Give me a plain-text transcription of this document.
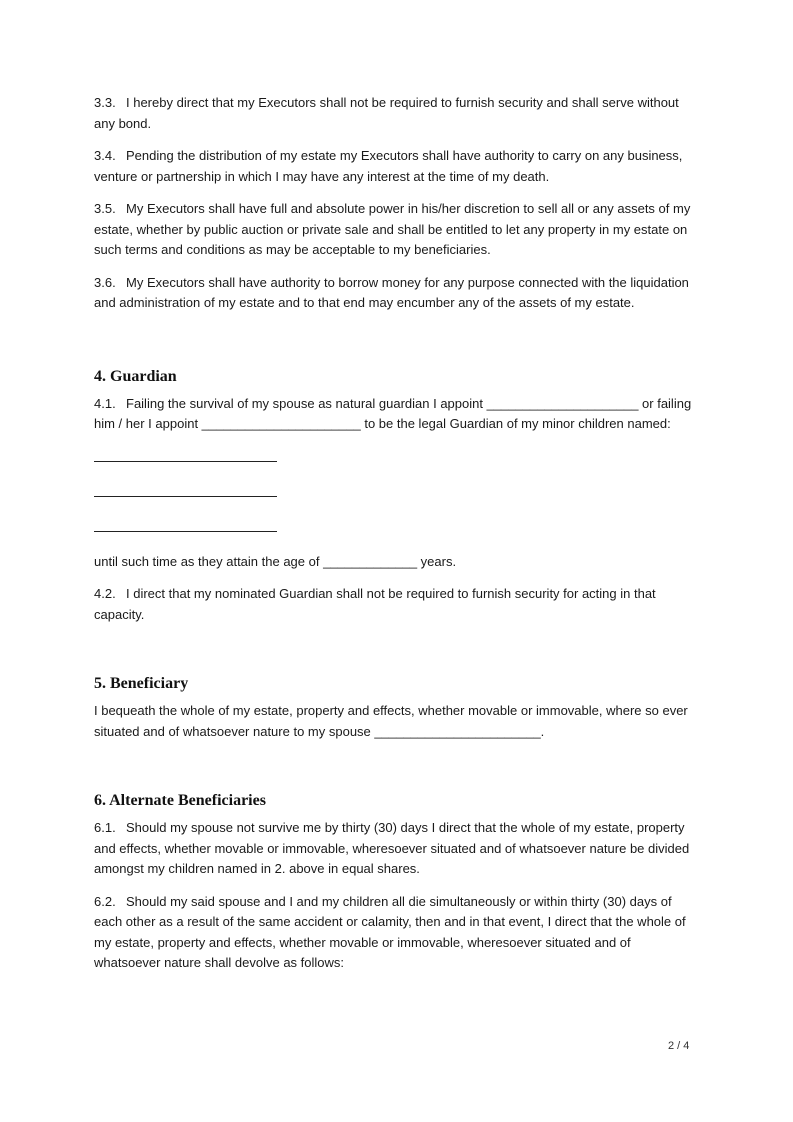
3.3. I hereby direct that my Executors shall not be required to furnish security and shall serve without any bond.

3.4. Pending the distribution of my estate my Executors shall have authority to carry on any business, venture or partnership in which I may have any interest at the time of my death.

3.5. My Executors shall have full and absolute power in his/her discretion to sell all or any assets of my estate, whether by public auction or private sale and shall be entitled to let any property in my estate on such terms and conditions as may be acceptable to my beneficiaries.

3.6. My Executors shall have authority to borrow money for any purpose connected with the liquidation and administration of my estate and to that end may encumber any of the assets of my estate.

4. Guardian

4.1. Failing the survival of my spouse as natural guardian I appoint _____________________ or failing him / her I appoint ______________________ to be the legal Guardian of my minor children named:

until such time as they attain the age of _____________ years.

4.2. I direct that my nominated Guardian shall not be required to furnish security for acting in that capacity.

5. Beneficiary

I bequeath the whole of my estate, property and effects, whether movable or immovable, where so ever situated and of whatsoever nature to my spouse _______________________.

6. Alternate Beneficiaries

6.1. Should my spouse not survive me by thirty (30) days I direct that the whole of my estate, property and effects, whether movable or immovable, wheresoever situated and of whatsoever nature be divided amongst my children named in 2. above in equal shares.

6.2. Should my said spouse and I and my children all die simultaneously or within thirty (30) days of each other as a result of the same accident or calamity, then and in that event, I direct that the whole of my estate, property and effects, whether movable or immovable, wheresoever situated and of whatsoever nature shall devolve as follows:

2 / 4
